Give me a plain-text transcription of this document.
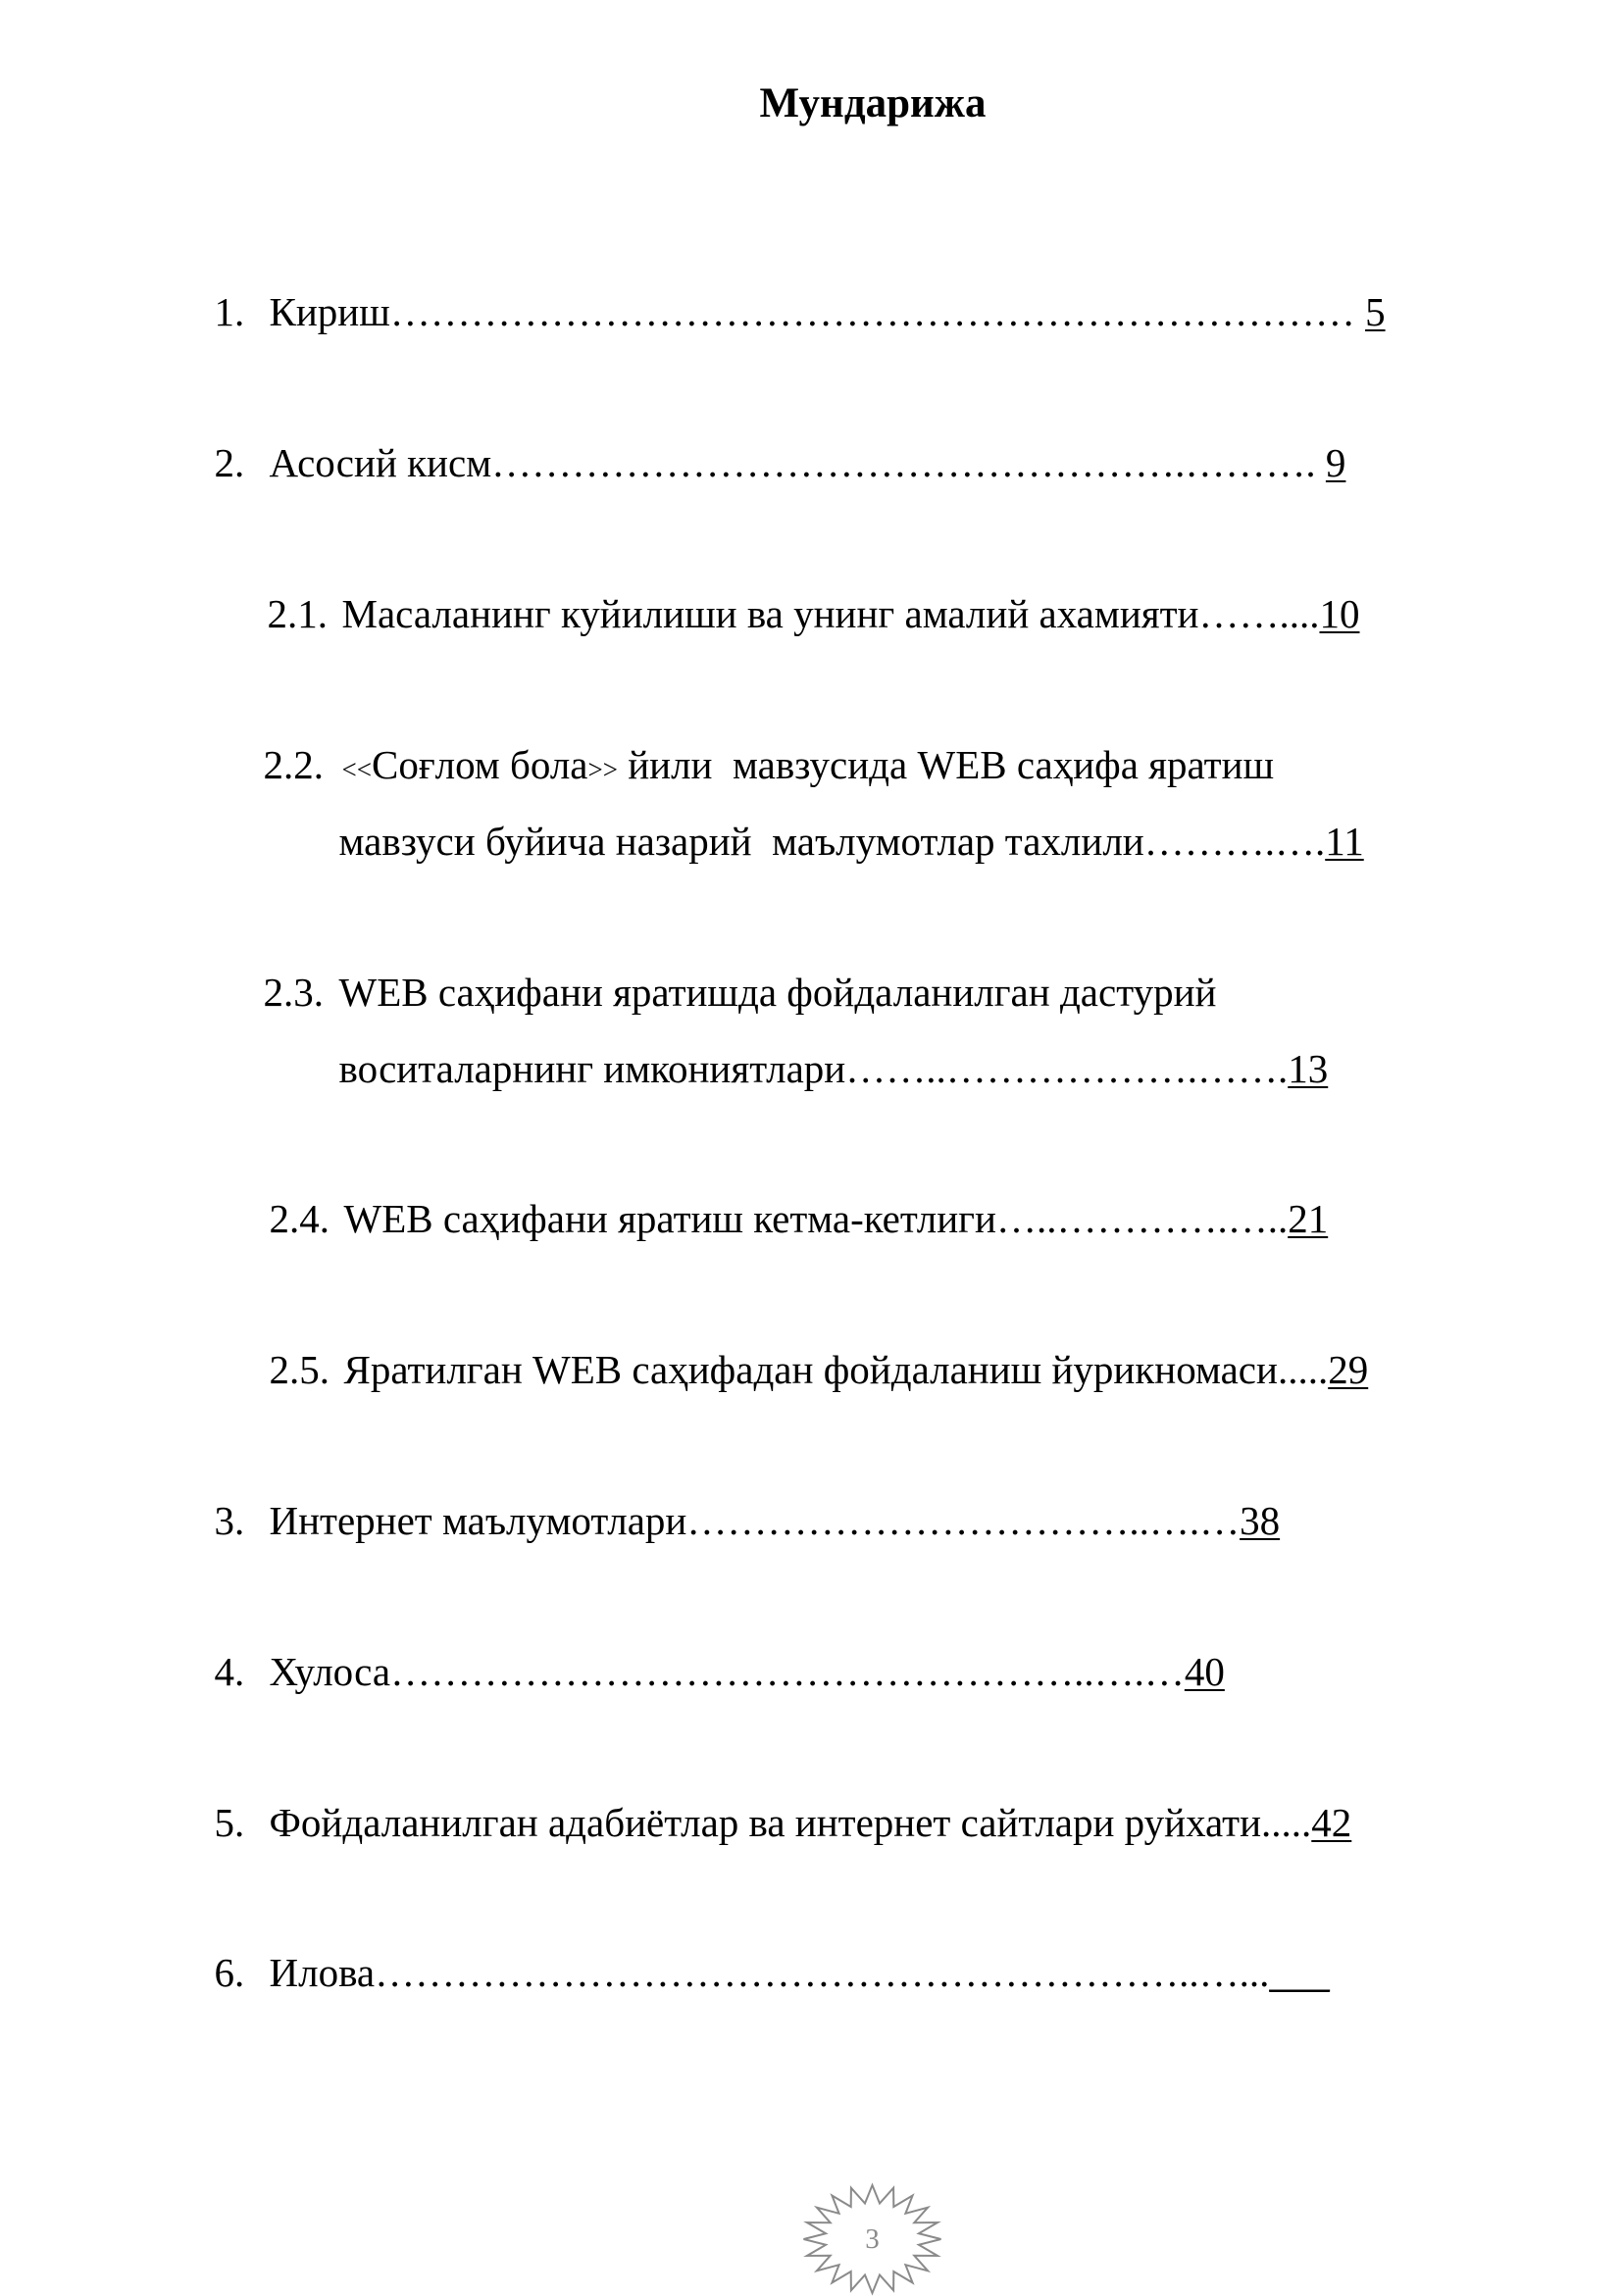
Мундарижа

1. Кириш……………………………………………………………… 5

2. Асосий кисм…………………………………………….………. 9

2.1. Масаланинг куйилиши ва унинг амалий ахамияти……....10

2.2. <<Соғлом бола>> йили  мавзусида WEB саҳифа яратиш

мавзуси буйича назарий  маълумотлар тахлили……….….11

2.3. WEB саҳифани яратишда фойдаланилган дастурий

воситаларнинг имкониятлари……..……………….…….13

2.4. WEB саҳифани яратиш кетма-кетлиги…..………….…..21

2.5. Яратилган WEB саҳифадан фойдаланиш йурикномаси.....29

3. Интернет маълумотлари……………………………..….…38

4. Хулоса……………………………………………..….…40

5. Фойдаланилган адабиётлар ва интернет сайтлари руйхати.....42

6. Илова……………………………………………………..…...___

3
